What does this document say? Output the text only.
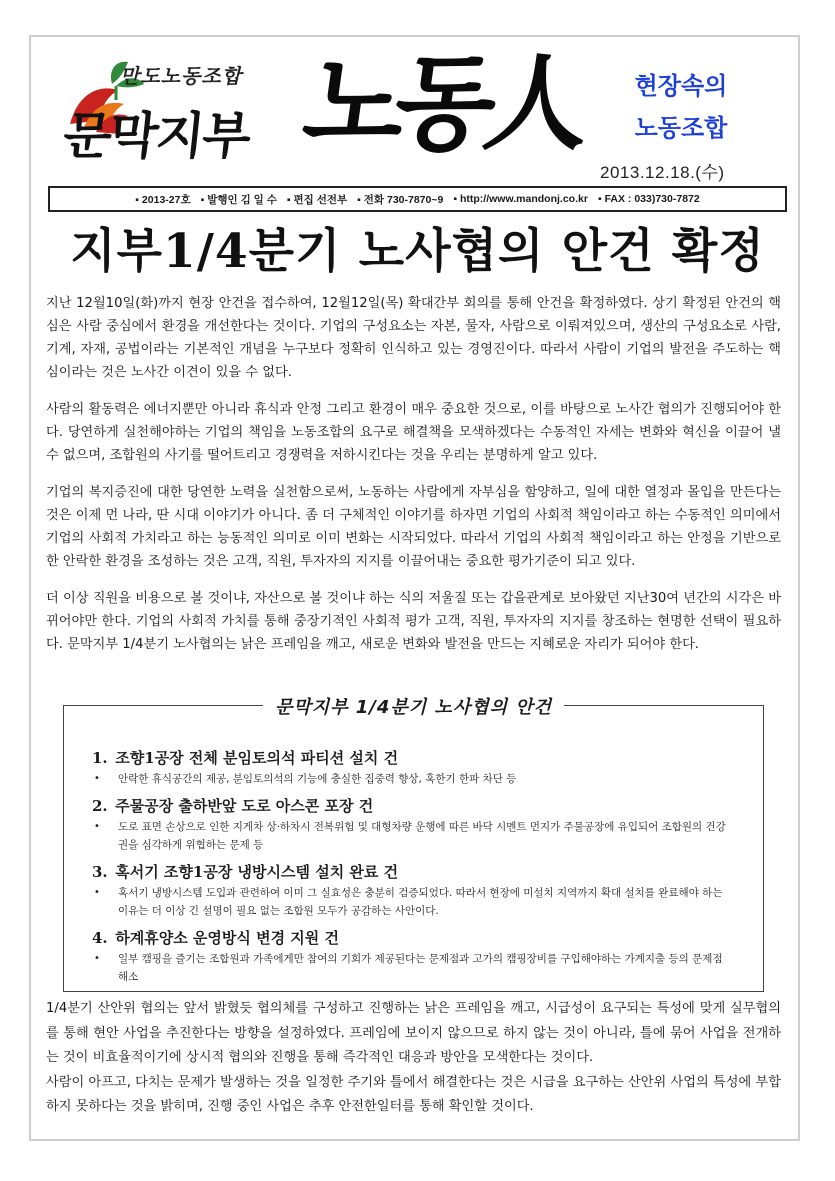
만도노동조합
문막지부 노동人	현장속의
노동조합
2013.12.18.(수)
▪ 2013-27호 ▪ 발행인 김 일 수 ▪ 편집 선전부 ▪ 전화 730-7870~9 ▪ http://www.mandonj.co.kr ▪ FAX : 033)730-7872
지부1/4분기 노사협의 안건 확정

지난 12월10일(화)까지 현장 안건을 접수하여, 12월12일(목) 확대간부 회의를 통해 안건을 확정하였다. 상기 확정된 안건의 핵심은 사람 중심에서 환경을 개선한다는 것이다. 기업의 구성요소는 자본, 물자, 사람으로 이뤄져있으며, 생산의 구성요소로 사람, 기계, 자재, 공법이라는 기본적인 개념을 누구보다 정확히 인식하고 있는 경영진이다. 따라서 사람이 기업의 발전을 주도하는 핵심이라는 것은 노사간 이견이 있을 수 없다.

사람의 활동력은 에너지뿐만 아니라 휴식과 안정 그리고 환경이 매우 중요한 것으로, 이를 바탕으로 노사간 협의가 진행되어야 한다. 당연하게 실천해야하는 기업의 책임을 노동조합의 요구로 해결책을 모색하겠다는 수동적인 자세는 변화와 혁신을 이끌어 낼 수 없으며, 조합원의 사기를 떨어트리고 경쟁력을 저하시킨다는 것을 우리는 분명하게 알고 있다.

기업의 복지증진에 대한 당연한 노력을 실천함으로써, 노동하는 사람에게 자부심을 함양하고, 일에 대한 열정과 몰입을 만든다는 것은 이제 먼 나라, 딴 시대 이야기가 아니다. 좀 더 구체적인 이야기를 하자면 기업의 사회적 책임이라고 하는 수동적인 의미에서 기업의 사회적 가치라고 하는 능동적인 의미로 이미 변화는 시작되었다. 따라서 기업의 사회적 책임이라고 하는 안정을 기반으로 한 안락한 환경을 조성하는 것은 고객, 직원, 투자자의 지지를 이끌어내는 중요한 평가기준이 되고 있다.

더 이상 직원을 비용으로 볼 것이냐, 자산으로 볼 것이냐 하는 식의 저울질 또는 갑을관계로 보아왔던 지난30여 년간의 시각은 바뀌어야만 한다. 기업의 사회적 가치를 통해 중장기적인 사회적 평가 고객, 직원, 투자자의 지지를 창조하는 현명한 선택이 필요하다. 문막지부 1/4분기 노사협의는 낡은 프레임을 깨고, 새로운 변화와 발전을 만드는 지혜로운 자리가 되어야 한다.

문막지부 1/4분기 노사협의 안건
1. 조향1공장 전체 분임토의석 파티션 설치 건
• 안락한 휴식공간의 제공, 분임토의석의 기능에 충실한 집중력 향상, 혹한기 한파 차단 등
2. 주물공장 출하반앞 도로 아스콘 포장 건
• 도로 표면 손상으로 인한 지게차 상·하차시 전복위험 및 대형차량 운행에 따른 바닥 시멘트 먼지가 주물공장에 유입되어 조합원의 건강권을 심각하게 위협하는 문제 등
3. 혹서기 조향1공장 냉방시스템 설치 완료 건
• 혹서기 냉방시스템 도입과 관련하여 이미 그 실효성은 충분히 검증되었다. 따라서 현장에 미설치 지역까지 확대 설치를 완료해야 하는 이유는 더 이상 긴 설명이 필요 없는 조합원 모두가 공감하는 사안이다.
4. 하계휴양소 운영방식 변경 지원 건
• 일부 캠핑을 즐기는 조합원과 가족에게만 참여의 기회가 제공된다는 문제점과 고가의 캠핑장비를 구입해야하는 가계지출 등의 문제점 해소

1/4분기 산안위 협의는 앞서 밝혔듯 협의체를 구성하고 진행하는 낡은 프레임을 깨고, 시급성이 요구되는 특성에 맞게 실무협의를 통해 현안 사업을 추진한다는 방향을 설정하였다. 프레임에 보이지 않으므로 하지 않는 것이 아니라, 틀에 묶어 사업을 전개하는 것이 비효율적이기에 상시적 협의와 진행을 통해 즉각적인 대응과 방안을 모색한다는 것이다.

사람이 아프고, 다치는 문제가 발생하는 것을 일정한 주기와 틀에서 해결한다는 것은 시급을 요구하는 산안위 사업의 특성에 부합하지 못하다는 것을 밝히며, 진행 중인 사업은 추후 안전한일터를 통해 확인할 것이다.
